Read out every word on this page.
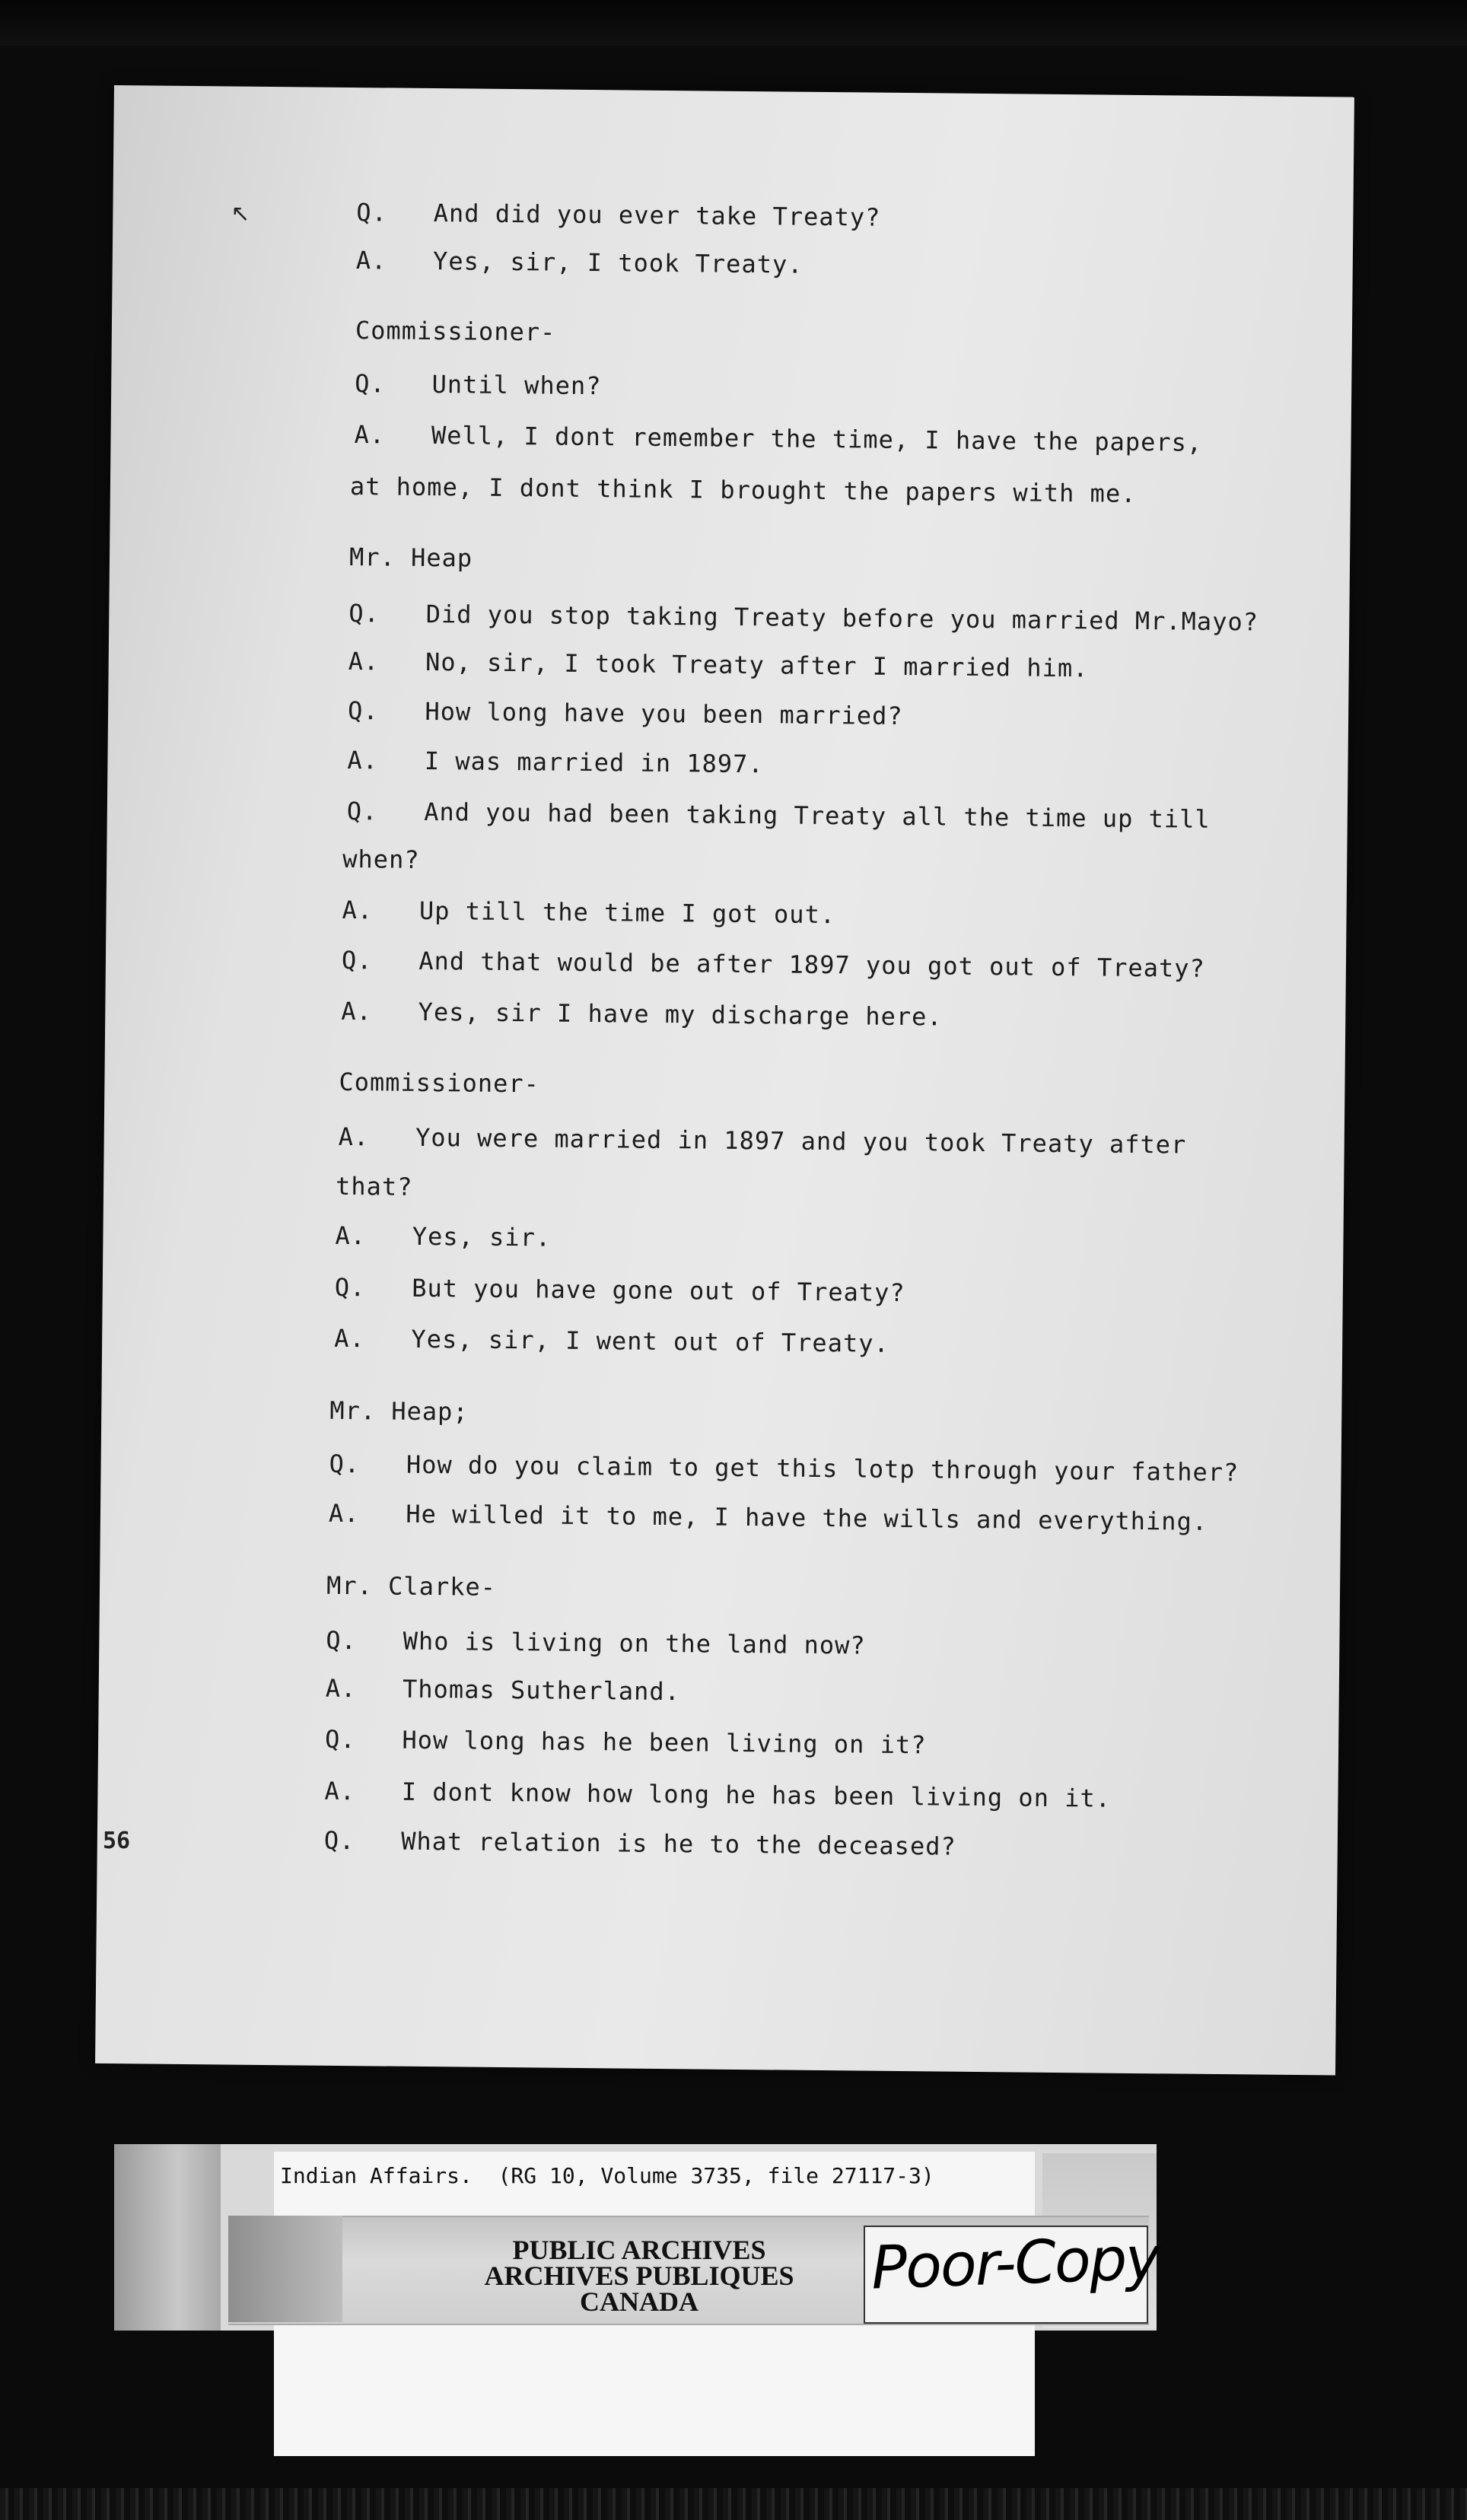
↖	Q.   And did you ever take Treaty?
A.   Yes, sir, I took Treaty.
Commissioner-
Q.   Until when?
A.   Well, I dont remember the time, I have the papers,
at home, I dont think I brought the papers with me.
Mr. Heap
Q.   Did you stop taking Treaty before you married Mr.Mayo?
A.   No, sir, I took Treaty after I married him.
Q.   How long have you been married?
A.   I was married in 1897.
Q.   And you had been taking Treaty all the time up till
when?
A.   Up till the time I got out.
Q.   And that would be after 1897 you got out of Treaty?
A.   Yes, sir I have my discharge here.
Commissioner-
A.   You were married in 1897 and you took Treaty after
that?
A.   Yes, sir.
Q.   But you have gone out of Treaty?
A.   Yes, sir, I went out of Treaty.
Mr. Heap;
Q.   How do you claim to get this lotp through your father?
A.   He willed it to me, I have the wills and everything.
Mr. Clarke-
Q.   Who is living on the land now?
A.   Thomas Sutherland.
Q.   How long has he been living on it?
A.   I dont know how long he has been living on it.
Q.   What relation is he to the deceased?
56
Indian Affairs.  (RG 10, Volume 3735, file 27117-3)
PUBLIC ARCHIVES
ARCHIVES PUBLIQUES
CANADA	Poor-Copy
